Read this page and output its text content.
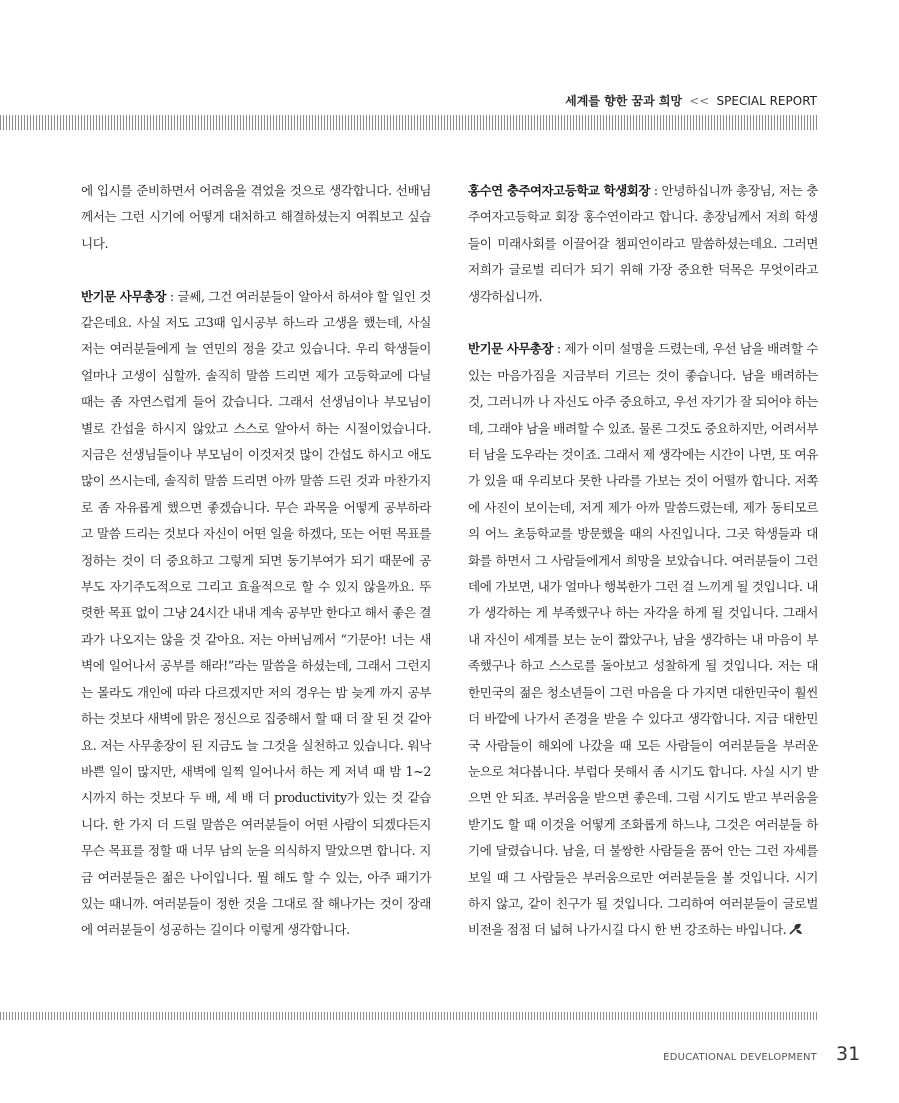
세계를 향한 꿈과 희망 << SPECIAL REPORT

에 입시를 준비하면서 어려움을 겪었을 것으로 생각합니다. 선배님께서는 그런 시기에 어떻게 대처하고 해결하셨는지 여쭤보고 싶습니다.

반기문 사무총장 : 글쎄, 그건 여러분들이 알아서 하셔야 할 일인 것 같은데요. 사실 저도 고3때 입시공부 하느라 고생을 했는데, 사실 저는 여러분들에게 늘 연민의 정을 갖고 있습니다. 우리 학생들이 얼마나 고생이 심할까. 솔직히 말씀 드리면 제가 고등학교에 다닐 때는 좀 자연스럽게 들어 갔습니다. 그래서 선생님이나 부모님이 별로 간섭을 하시지 않았고 스스로 알아서 하는 시절이었습니다. 지금은 선생님들이나 부모님이 이것저것 많이 간섭도 하시고 애도 많이 쓰시는데, 솔직히 말씀 드리면 아까 말씀 드린 것과 마찬가지로 좀 자유롭게 했으면 좋겠습니다. 무슨 과목을 어떻게 공부하라고 말씀 드리는 것보다 자신이 어떤 일을 하겠다, 또는 어떤 목표를 정하는 것이 더 중요하고 그렇게 되면 동기부여가 되기 때문에 공부도 자기주도적으로 그리고 효율적으로 할 수 있지 않을까요. 뚜렷한 목표 없이 그냥 24시간 내내 계속 공부만 한다고 해서 좋은 결과가 나오지는 않을 것 같아요. 저는 아버님께서 “기문아! 너는 새벽에 일어나서 공부를 해라!”라는 말씀을 하셨는데, 그래서 그런지는 몰라도 개인에 따라 다르겠지만 저의 경우는 밤 늦게 까지 공부하는 것보다 새벽에 맑은 정신으로 집중해서 할 때 더 잘 된 것 같아요. 저는 사무총장이 된 지금도 늘 그것을 실천하고 있습니다. 워낙 바쁜 일이 많지만, 새벽에 일찍 일어나서 하는 게 저녁 때 밤 1~2시까지 하는 것보다 두 배, 세 배 더 productivity가 있는 것 같습니다. 한 가지 더 드릴 말씀은 여러분들이 어떤 사람이 되겠다든지 무슨 목표를 정할 때 너무 남의 눈을 의식하지 말았으면 합니다. 지금 여러분들은 젊은 나이입니다. 뭘 해도 할 수 있는, 아주 패기가 있는 때니까. 여러분들이 정한 것을 그대로 잘 해나가는 것이 장래에 여러분들이 성공하는 길이다 이렇게 생각합니다.

홍수연 충주여자고등학교 학생회장 : 안녕하십니까 총장님, 저는 충주여자고등학교 회장 홍수연이라고 합니다. 총장님께서 저희 학생들이 미래사회를 이끌어갈 챔피언이라고 말씀하셨는데요. 그러면 저희가 글로벌 리더가 되기 위해 가장 중요한 덕목은 무엇이라고 생각하십니까.

반기문 사무총장 : 제가 이미 설명을 드렸는데, 우선 남을 배려할 수 있는 마음가짐을 지금부터 기르는 것이 좋습니다. 남을 배려하는 것, 그러니까 나 자신도 아주 중요하고, 우선 자기가 잘 되어야 하는데, 그래야 남을 배려할 수 있죠. 물론 그것도 중요하지만, 어려서부터 남을 도우라는 것이죠. 그래서 제 생각에는 시간이 나면, 또 여유가 있을 때 우리보다 못한 나라를 가보는 것이 어떨까 합니다. 저쪽에 사진이 보이는데, 저게 제가 아까 말씀드렸는데, 제가 동티모르의 어느 초등학교를 방문했을 때의 사진입니다. 그곳 학생들과 대화를 하면서 그 사람들에게서 희망을 보았습니다. 여러분들이 그런 데에 가보면, 내가 얼마나 행복한가 그런 걸 느끼게 될 것입니다. 내가 생각하는 게 부족했구나 하는 자각을 하게 될 것입니다. 그래서 내 자신이 세계를 보는 눈이 짧았구나, 남을 생각하는 내 마음이 부족했구나 하고 스스로를 돌아보고 성찰하게 될 것입니다. 저는 대한민국의 젊은 청소년들이 그런 마음을 다 가지면 대한민국이 훨씬 더 바깥에 나가서 존경을 받을 수 있다고 생각합니다. 지금 대한민국 사람들이 해외에 나갔을 때 모든 사람들이 여러분들을 부러운 눈으로 쳐다봅니다. 부럽다 못해서 좀 시기도 합니다. 사실 시기 받으면 안 되죠. 부러움을 받으면 좋은데. 그럼 시기도 받고 부러움을 받기도 할 때 이것을 어떻게 조화롭게 하느냐, 그것은 여러분들 하기에 달렸습니다. 남을, 더 불쌍한 사람들을 품어 안는 그런 자세를 보일 때 그 사람들은 부러움으로만 여러분들을 볼 것입니다. 시기하지 않고, 같이 친구가 될 것입니다. 그리하여 여러분들이 글로벌 비전을 점점 더 넓혀 나가시길 다시 한 번 강조하는 바입니다.

EDUCATIONAL DEVELOPMENT 31
